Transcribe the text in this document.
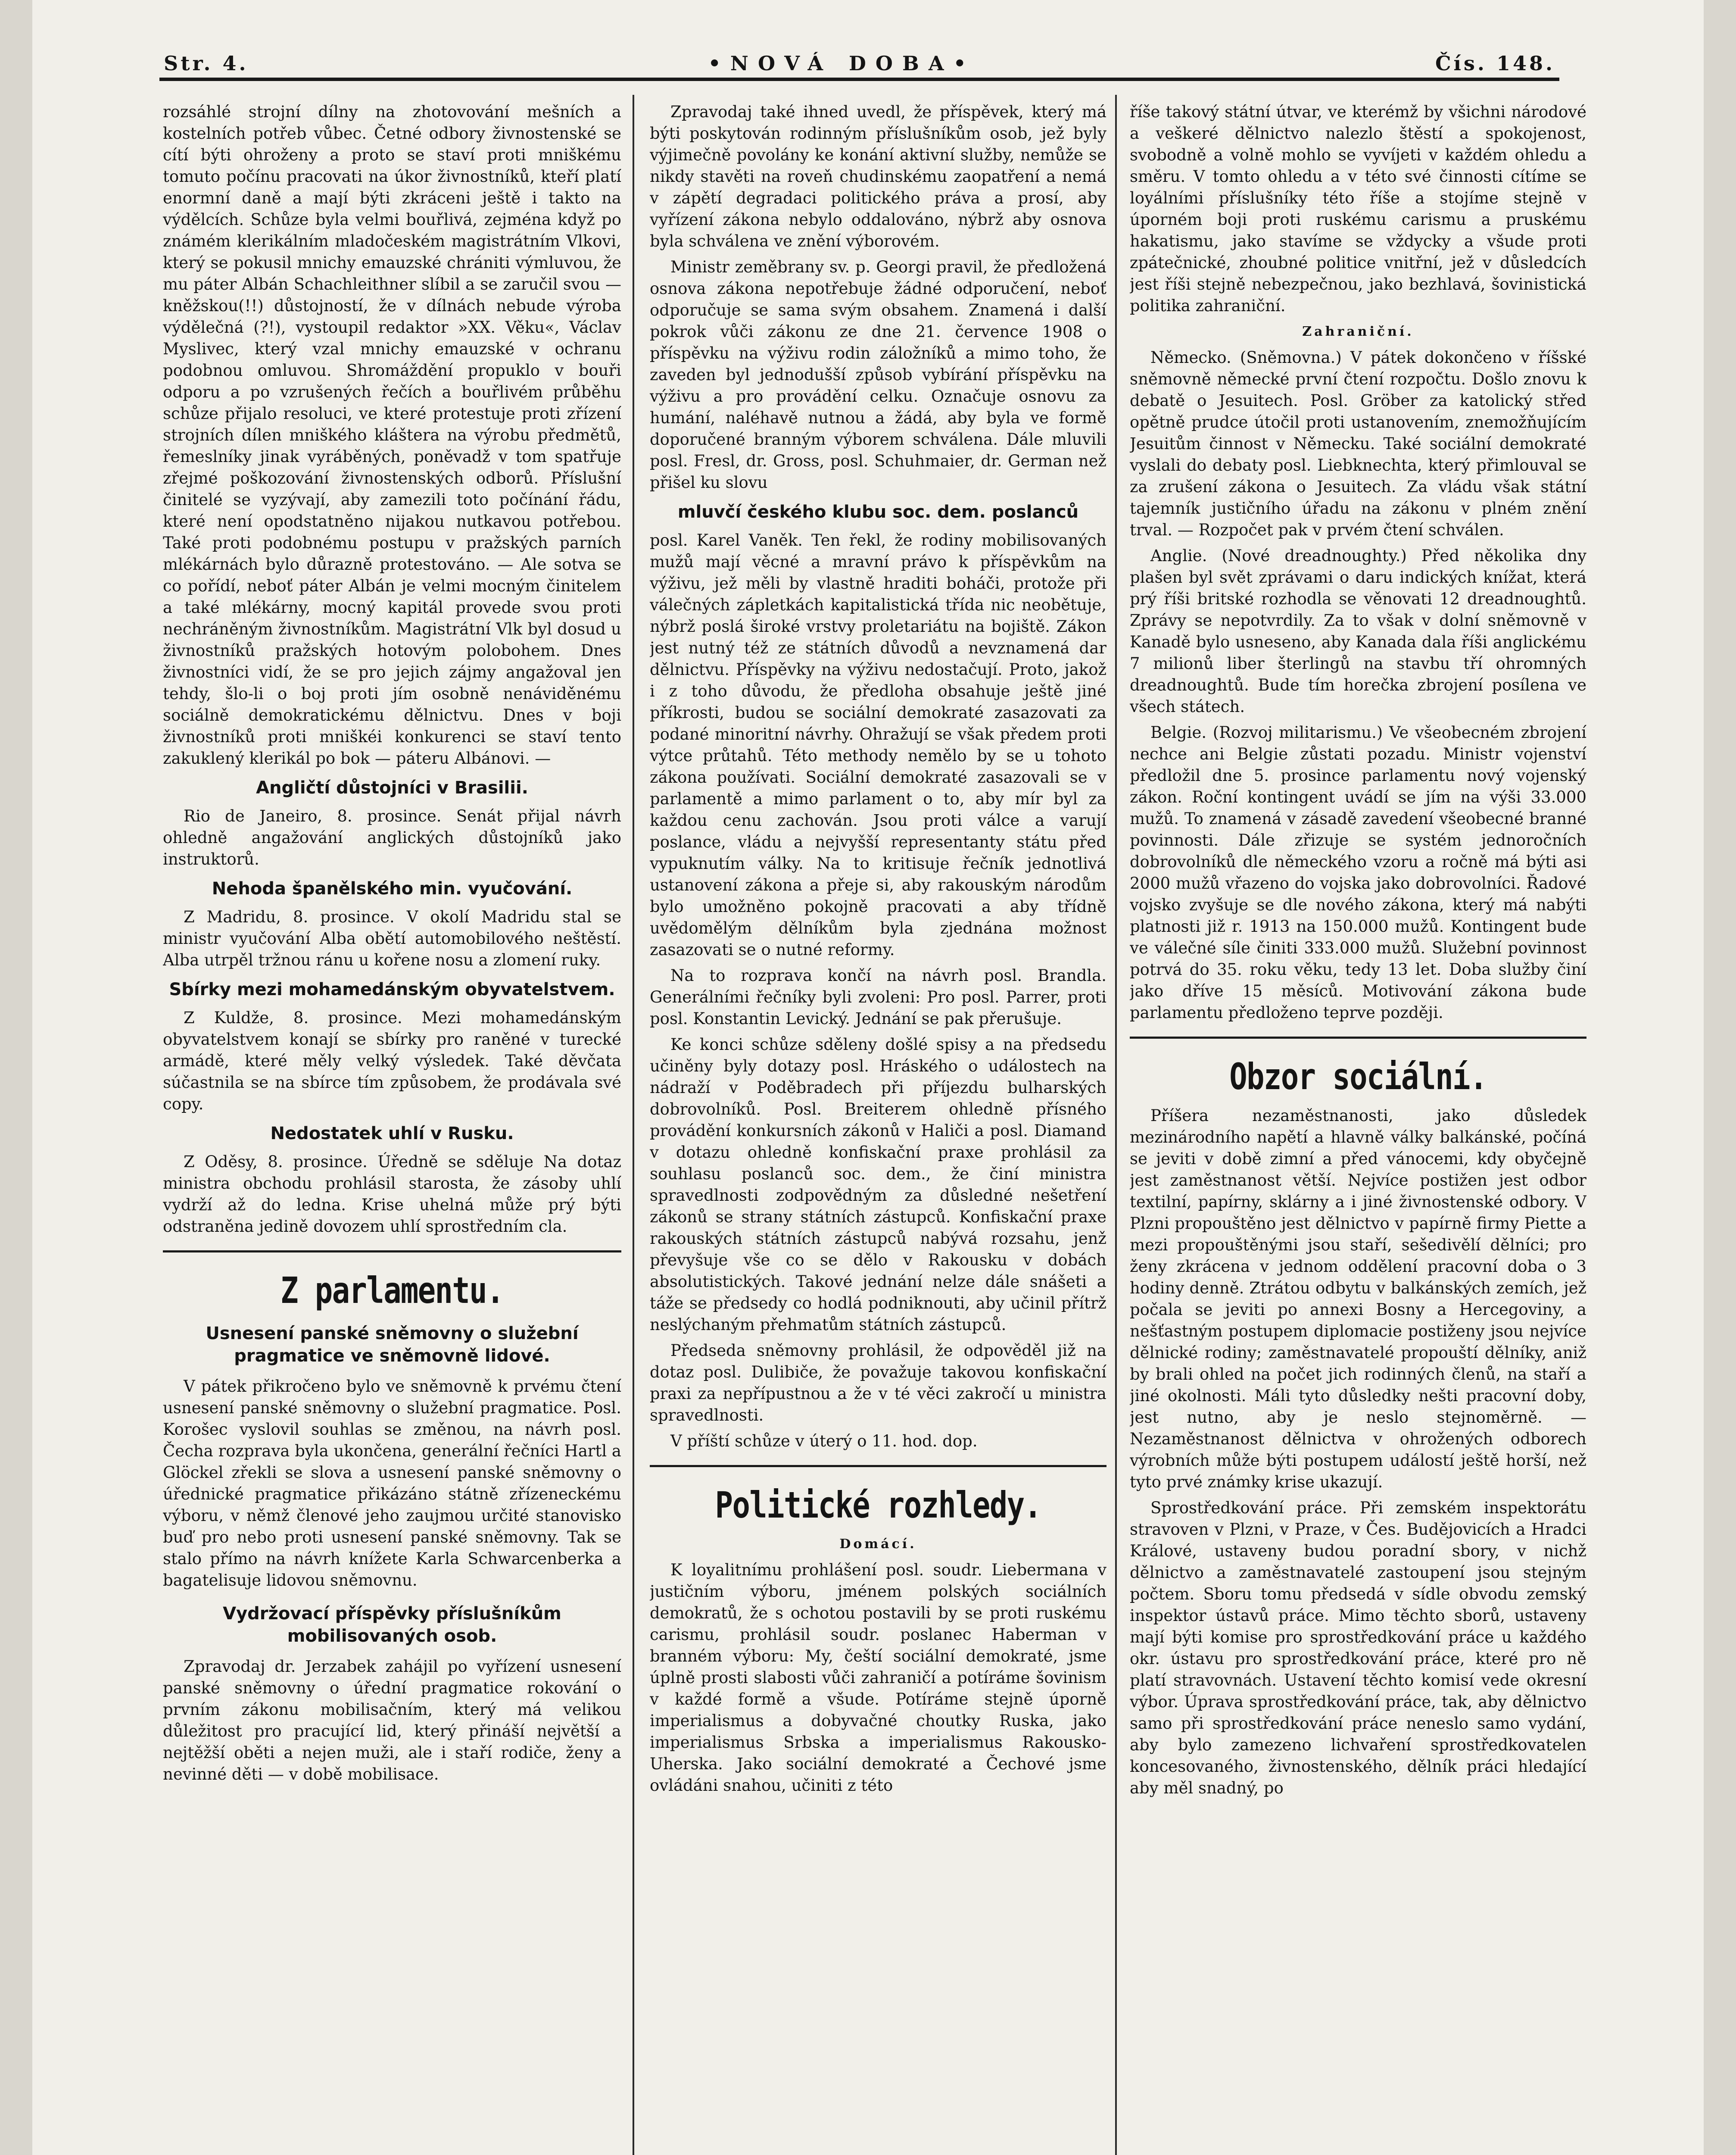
Str. 4.	•NOVÁ DOBA•	Čís. 148.

rozsáhlé strojní dílny na zhotovování mešních a kostelních potřeb vůbec. Četné odbory živnostenské se cítí býti ohroženy a proto se staví proti mniškému tomuto počínu pracovati na úkor živnostníků, kteří platí enormní daně a mají býti zkráceni ještě i takto na výdělcích. Schůze byla velmi bouřlivá, zejména když po známém klerikálním mladočeském magistrátním Vlkovi, který se pokusil mnichy emauzské chrániti výmluvou, že mu páter Albán Schachleithner slíbil a se zaručil svou — kněžskou(!!) důstojností, že v dílnách nebude výroba výdělečná (?!), vystoupil redaktor »XX. Věku«, Václav Myslivec, který vzal mnichy emauzské v ochranu podobnou omluvou. Shromáždění propuklo v bouři odporu a po vzrušených řečích a bouřlivém průběhu schůze přijalo resoluci, ve které protestuje proti zřízení strojních dílen mniškého kláštera na výrobu předmětů, řemeslníky jinak vyráběných, poněvadž v tom spatřuje zřejmé poškozování živnostenských odborů. Příslušní činitelé se vyzývají, aby zamezili toto počínání řádu, které není opodstatněno nijakou nutkavou potřebou. Také proti podobnému postupu v pražských parních mlékárnách bylo důrazně protestováno. — Ale sotva se co pořídí, neboť páter Albán je velmi mocným činitelem a také mlékárny, mocný kapitál provede svou proti nechráněným živnostníkům. Magistrátní Vlk byl dosud u živnostníků pražských hotovým polobohem. Dnes živnostníci vidí, že se pro jejich zájmy angažoval jen tehdy, šlo-li o boj proti jím osobně nenáviděnému sociálně demokratickému dělnictvu. Dnes v boji živnostníků proti mniškéi konkurenci se staví tento zakuklený klerikál po bok — páteru Albánovi. —

Angličtí důstojníci v Brasilii.

Rio de Janeiro, 8. prosince. Senát přijal návrh ohledně angažování anglických důstojníků jako instruktorů.

Nehoda španělského min. vyučování.

Z Madridu, 8. prosince. V okolí Madridu stal se ministr vyučování Alba obětí automobilového neštěstí. Alba utrpěl tržnou ránu u kořene nosu a zlomení ruky.

Sbírky mezi mohamedánským obyvatelstvem.

Z Kuldže, 8. prosince. Mezi mohamedánským obyvatelstvem konají se sbírky pro raněné v turecké armádě, které měly velký výsledek. Také děvčata súčastnila se na sbírce tím způsobem, že prodávala své copy.

Nedostatek uhlí v Rusku.

Z Oděsy, 8. prosince. Úředně se sděluje Na dotaz ministra obchodu prohlásil starosta, že zásoby uhlí vydrží až do ledna. Krise uhelná může prý býti odstraněna jedině dovozem uhlí sprostředním cla.

Z parlamentu.
Usnesení panské sněmovny o služební pragmatice ve sněmovně lidové.

V pátek přikročeno bylo ve sněmovně k prvému čtení usnesení panské sněmovny o služební pragmatice. Posl. Korošec vyslovil souhlas se změnou, na návrh posl. Čecha rozprava byla ukončena, generální řečníci Hartl a Glöckel zřekli se slova a usnesení panské sněmovny o úřednické pragmatice přikázáno státně zřízeneckému výboru, v němž členové jeho zaujmou určité stanovisko buď pro nebo proti usnesení panské sněmovny. Tak se stalo přímo na návrh knížete Karla Schwarcenberka a bagatelisuje lidovou sněmovnu.

Vydržovací příspěvky příslušníkům mobilisovaných osob.

Zpravodaj dr. Jerzabek zahájil po vyřízení usnesení panské sněmovny o úřední pragmatice rokování o prvním zákonu mobilisačním, který má velikou důležitost pro pracující lid, který přináší největší a nejtěžší oběti a nejen muži, ale i staří rodiče, ženy a nevinné děti — v době mobilisace.

Zpravodaj také ihned uvedl, že příspěvek, který má býti poskytován rodinným příslušníkům osob, jež byly výjimečně povolány ke konání aktivní služby, nemůže se nikdy stavěti na roveň chudinskému zaopatření a nemá v zápětí degradaci politického práva a prosí, aby vyřízení zákona nebylo oddalováno, nýbrž aby osnova byla schválena ve znění výborovém.

Ministr zeměbrany sv. p. Georgi pravil, že předložená osnova zákona nepotřebuje žádné odporučení, neboť odporučuje se sama svým obsahem. Znamená i další pokrok vůči zákonu ze dne 21. července 1908 o příspěvku na výživu rodin záložníků a mimo toho, že zaveden byl jednodušší způsob vybírání příspěvku na výživu a pro provádění celku. Označuje osnovu za humání, naléhavě nutnou a žádá, aby byla ve formě doporučené branným výborem schválena. Dále mluvili posl. Fresl, dr. Gross, posl. Schuhmaier, dr. German než přišel ku slovu

mluvčí českého klubu soc. dem. poslanců

posl. Karel Vaněk. Ten řekl, že rodiny mobilisovaných mužů mají věcné a mravní právo k příspěvkům na výživu, jež měli by vlastně hraditi boháči, protože při válečných zápletkách kapitalistická třída nic neobětuje, nýbrž poslá široké vrstvy proletariátu na bojiště. Zákon jest nutný též ze státních důvodů a nevznamená dar dělnictvu. Příspěvky na výživu nedostačují. Proto, jakož i z toho důvodu, že předloha obsahuje ještě jiné příkrosti, budou se sociální demokraté zasazovati za podané minoritní návrhy. Ohražují se však předem proti výtce průtahů. Této methody nemělo by se u tohoto zákona používati. Sociální demokraté zasazovali se v parlamentě a mimo parlament o to, aby mír byl za každou cenu zachován. Jsou proti válce a varují poslance, vládu a nejvyšší representanty státu před vypuknutím války. Na to kritisuje řečník jednotlivá ustanovení zákona a přeje si, aby rakouským národům bylo umožněno pokojně pracovati a aby třídně uvědomělým dělníkům byla zjednána možnost zasazovati se o nutné reformy.

Na to rozprava končí na návrh posl. Brandla. Generálními řečníky byli zvoleni: Pro posl. Parrer, proti posl. Konstantin Levický. Jednání se pak přerušuje.

Ke konci schůze sděleny došlé spisy a na předsedu učiněny byly dotazy posl. Hráského o událostech na nádraží v Poděbradech při příjezdu bulharských dobrovolníků. Posl. Breiterem ohledně přísného provádění konkursních zákonů v Haliči a posl. Diamand v dotazu ohledně konfiskační praxe prohlásil za souhlasu poslanců soc. dem., že činí ministra spravedlnosti zodpovědným za důsledné nešetření zákonů se strany státních zástupců. Konfiskační praxe rakouských státních zástupců nabývá rozsahu, jenž převyšuje vše co se dělo v Rakousku v dobách absolutistických. Takové jednání nelze dále snášeti a táže se předsedy co hodlá podniknouti, aby učinil přítrž neslýchaným přehmatům státních zástupců.

Předseda sněmovny prohlásil, že odpověděl již na dotaz posl. Dulibiče, že považuje takovou konfiskační praxi za nepřípustnou a že v té věci zakročí u ministra spravedlnosti.

V příští schůze v úterý o 11. hod. dop.

Politické rozhledy.
Domácí.

K loyalitnímu prohlášení posl. soudr. Liebermana v justičním výboru, jménem polských sociálních demokratů, že s ochotou postavili by se proti ruskému carismu, prohlásil soudr. poslanec Haberman v branném výboru: My, čeští sociální demokraté, jsme úplně prosti slabosti vůči zahraničí a potíráme šovinism v každé formě a všude. Potíráme stejně úporně imperialismus a dobyvačné choutky Ruska, jako imperialismus Srbska a imperialismus Rakousko-Uherska. Jako sociální demokraté a Čechové jsme ovládáni snahou, učiniti z této

říše takový státní útvar, ve kterémž by všichni národové a veškeré dělnictvo nalezlo štěstí a spokojenost, svobodně a volně mohlo se vyvíjeti v každém ohledu a směru. V tomto ohledu a v této své činnosti cítíme se loyálními příslušníky této říše a stojíme stejně v úporném boji proti ruskému carismu a pruskému hakatismu, jako stavíme se vždycky a všude proti zpátečnické, zhoubné politice vnitřní, jež v důsledcích jest říši stejně nebezpečnou, jako bezhlavá, šovinistická politika zahraniční.

Zahraniční.

Německo. (Sněmovna.) V pátek dokončeno v říšské sněmovně německé první čtení rozpočtu. Došlo znovu k debatě o Jesuitech. Posl. Gröber za katolický střed opětně prudce útočil proti ustanovením, znemožňujícím Jesuitům činnost v Německu. Také sociální demokraté vyslali do debaty posl. Liebknechta, který přimlouval se za zrušení zákona o Jesuitech. Za vládu však státní tajemník justičního úřadu na zákonu v plném znění trval. — Rozpočet pak v prvém čtení schválen.

Anglie. (Nové dreadnoughty.) Před několika dny plašen byl svět zprávami o daru indických knížat, která prý říši britské rozhodla se věnovati 12 dreadnoughtů. Zprávy se nepotvrdily. Za to však v dolní sněmovně v Kanadě bylo usneseno, aby Kanada dala říši anglickému 7 milionů liber šterlingů na stavbu tří ohromných dreadnoughtů. Bude tím horečka zbrojení posílena ve všech státech.

Belgie. (Rozvoj militarismu.) Ve všeobecném zbrojení nechce ani Belgie zůstati pozadu. Ministr vojenství předložil dne 5. prosince parlamentu nový vojenský zákon. Roční kontingent uvádí se jím na výši 33.000 mužů. To znamená v zásadě zavedení všeobecné branné povinnosti. Dále zřizuje se systém jednoročních dobrovolníků dle německého vzoru a ročně má býti asi 2000 mužů vřazeno do vojska jako dobrovolníci. Řadové vojsko zvyšuje se dle nového zákona, který má nabýti platnosti již r. 1913 na 150.000 mužů. Kontingent bude ve válečné síle činiti 333.000 mužů. Služební povinnost potrvá do 35. roku věku, tedy 13 let. Doba služby činí jako dříve 15 měsíců. Motivování zákona bude parlamentu předloženo teprve později.

Obzor sociální.

Příšera nezaměstnanosti, jako důsledek mezinárodního napětí a hlavně války balkánské, počíná se jeviti v době zimní a před vánocemi, kdy obyčejně jest zaměstnanost větší. Nejvíce postižen jest odbor textilní, papírny, sklárny a i jiné živnostenské odbory. V Plzni propouštěno jest dělnictvo v papírně firmy Piette a mezi propouštěnými jsou staří, sešedivělí dělníci; pro ženy zkrácena v jednom oddělení pracovní doba o 3 hodiny denně. Ztrátou odbytu v balkánských zemích, jež počala se jeviti po annexi Bosny a Hercegoviny, a nešťastným postupem diplomacie postiženy jsou nejvíce dělnické rodiny; zaměstnavatelé propouští dělníky, aniž by brali ohled na počet jich rodinných členů, na staří a jiné okolnosti. Máli tyto důsledky nešti pracovní doby, jest nutno, aby je neslo stejnoměrně. — Nezaměstnanost dělnictva v ohrožených odborech výrobních může býti postupem událostí ještě horší, než tyto prvé známky krise ukazují.

Sprostředkování práce. Při zemském inspektorátu stravoven v Plzni, v Praze, v Čes. Budějovicích a Hradci Králové, ustaveny budou poradní sbory, v nichž dělnictvo a zaměstnavatelé zastoupení jsou stejným počtem. Sboru tomu předsedá v sídle obvodu zemský inspektor ústavů práce. Mimo těchto sborů, ustaveny mají býti komise pro sprostředkování práce u každého okr. ústavu pro sprostředkování práce, které pro ně platí stravovnách. Ustavení těchto komisí vede okresní výbor. Úprava sprostředkování práce, tak, aby dělnictvo samo při sprostředkování práce neneslo samo vydání, aby bylo zamezeno lichvaření sprostředkovatelen koncesovaného, živnostenského, dělník práci hledající aby měl snadný, po
